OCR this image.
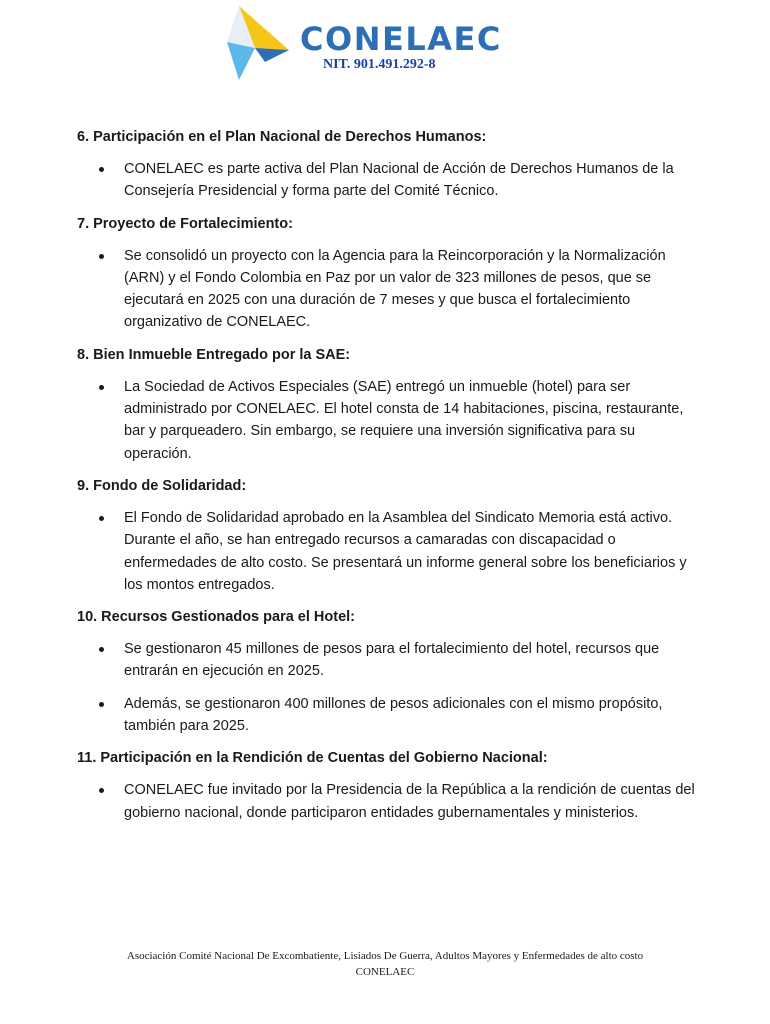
CONELAEC
NIT. 901.491.292-8
6. Participación en el Plan Nacional de Derechos Humanos:
CONELAEC es parte activa del Plan Nacional de Acción de Derechos Humanos de la Consejería Presidencial y forma parte del Comité Técnico.
7. Proyecto de Fortalecimiento:
Se consolidó un proyecto con la Agencia para la Reincorporación y la Normalización (ARN) y el Fondo Colombia en Paz por un valor de 323 millones de pesos, que se ejecutará en 2025 con una duración de 7 meses y que busca el fortalecimiento organizativo de CONELAEC.
8. Bien Inmueble Entregado por la SAE:
La Sociedad de Activos Especiales (SAE) entregó un inmueble (hotel) para ser administrado por CONELAEC. El hotel consta de 14 habitaciones, piscina, restaurante, bar y parqueadero. Sin embargo, se requiere una inversión significativa para su operación.
9. Fondo de Solidaridad:
El Fondo de Solidaridad aprobado en la Asamblea del Sindicato Memoria está activo. Durante el año, se han entregado recursos a camaradas con discapacidad o enfermedades de alto costo. Se presentará un informe general sobre los beneficiarios y los montos entregados.
10. Recursos Gestionados para el Hotel:
Se gestionaron 45 millones de pesos para el fortalecimiento del hotel, recursos que entrarán en ejecución en 2025.
Además, se gestionaron 400 millones de pesos adicionales con el mismo propósito, también para 2025.
11. Participación en la Rendición de Cuentas del Gobierno Nacional:
CONELAEC fue invitado por la Presidencia de la República a la rendición de cuentas del gobierno nacional, donde participaron entidades gubernamentales y ministerios.
Asociación Comité Nacional De Excombatiente, Lisiados De Guerra, Adultos Mayores y Enfermedades de alto costo
CONELAEC
